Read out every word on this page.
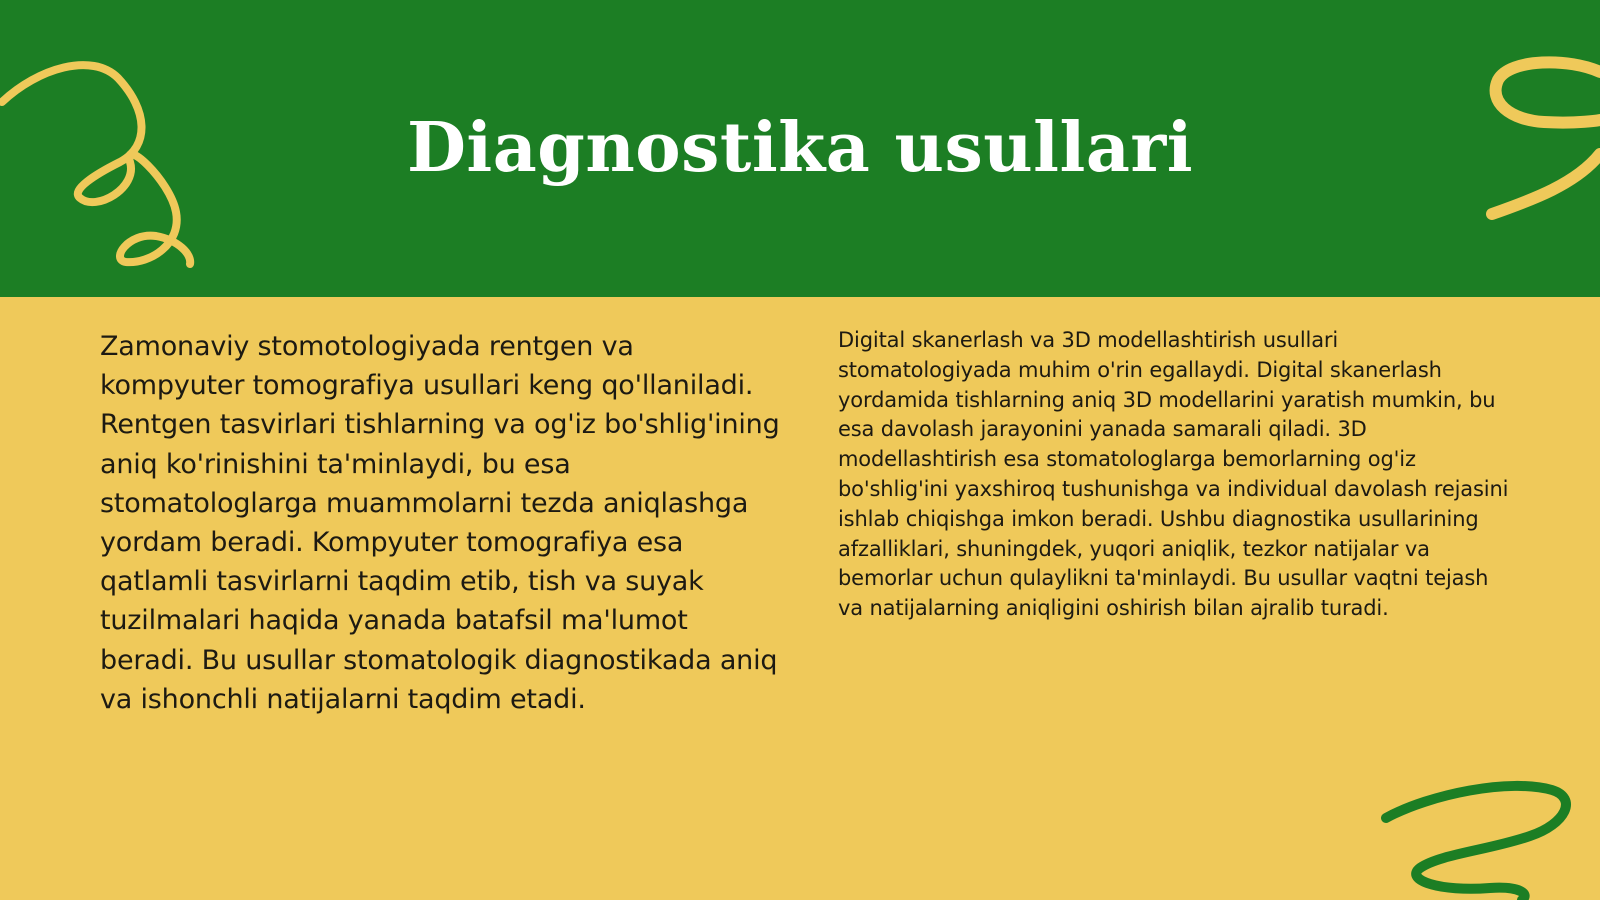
Diagnostika usullari

Zamonaviy stomotologiyada rentgen va kompyuter tomografiya usullari keng qo'llaniladi. Rentgen tasvirlari tishlarning va og'iz bo'shlig'ining aniq ko'rinishini ta'minlaydi, bu esa stomatologlarga muammolarni tezda aniqlashga yordam beradi. Kompyuter tomografiya esa qatlamli tasvirlarni taqdim etib, tish va suyak tuzilmalari haqida yanada batafsil ma'lumot beradi. Bu usullar stomatologik diagnostikada aniq va ishonchli natijalarni taqdim etadi.

Digital skanerlash va 3D modellashtirish usullari stomatologiyada muhim o'rin egallaydi. Digital skanerlash yordamida tishlarning aniq 3D modellarini yaratish mumkin, bu esa davolash jarayonini yanada samarali qiladi. 3D modellashtirish esa stomatologlarga bemorlarning og'iz bo'shlig'ini yaxshiroq tushunishga va individual davolash rejasini ishlab chiqishga imkon beradi. Ushbu diagnostika usullarining afzalliklari, shuningdek, yuqori aniqlik, tezkor natijalar va bemorlar uchun qulaylikni ta'minlaydi. Bu usullar vaqtni tejash va natijalarning aniqligini oshirish bilan ajralib turadi.
